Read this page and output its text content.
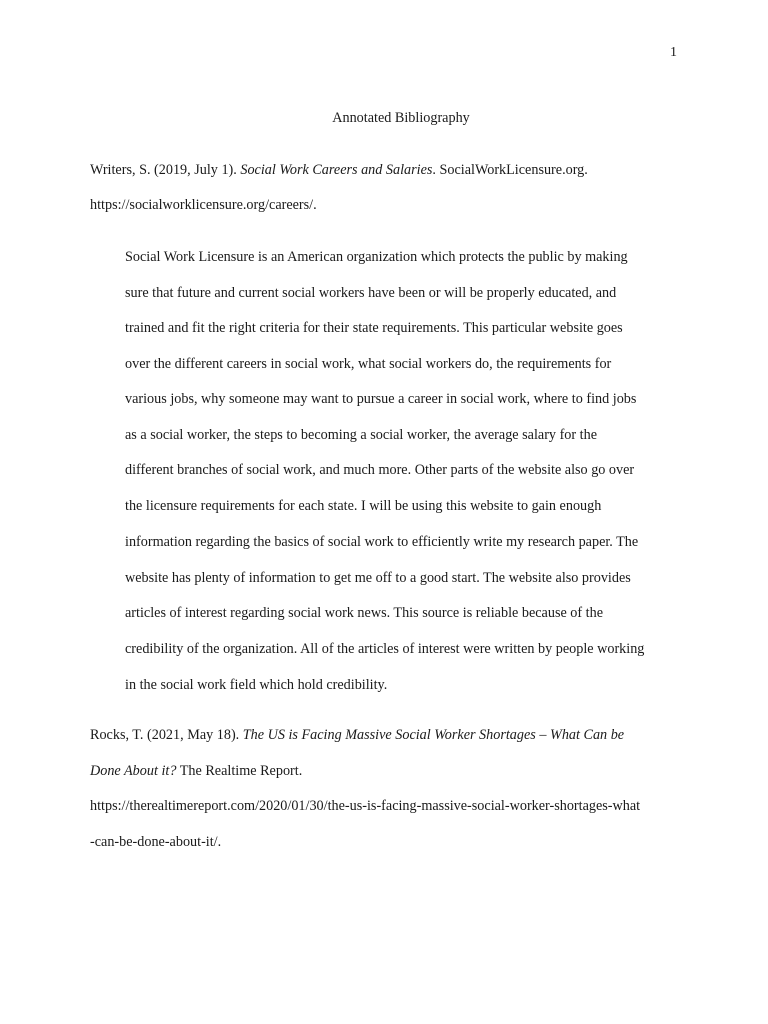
1
Annotated Bibliography
Writers, S. (2019, July 1). Social Work Careers and Salaries. SocialWorkLicensure.org.
https://socialworklicensure.org/careers/.
Social Work Licensure is an American organization which protects the public by making
sure that future and current social workers have been or will be properly educated, and
trained and fit the right criteria for their state requirements. This particular website goes
over the different careers in social work, what social workers do, the requirements for
various jobs, why someone may want to pursue a career in social work, where to find jobs
as a social worker, the steps to becoming a social worker, the average salary for the
different branches of social work, and much more. Other parts of the website also go over
the licensure requirements for each state. I will be using this website to gain enough
information regarding the basics of social work to efficiently write my research paper. The
website has plenty of information to get me off to a good start. The website also provides
articles of interest regarding social work news. This source is reliable because of the
credibility of the organization. All of the articles of interest were written by people working
in the social work field which hold credibility.
Rocks, T. (2021, May 18). The US is Facing Massive Social Worker Shortages – What Can be
Done About it? The Realtime Report.
https://therealtimereport.com/2020/01/30/the-us-is-facing-massive-social-worker-shortages-what
-can-be-done-about-it/.
